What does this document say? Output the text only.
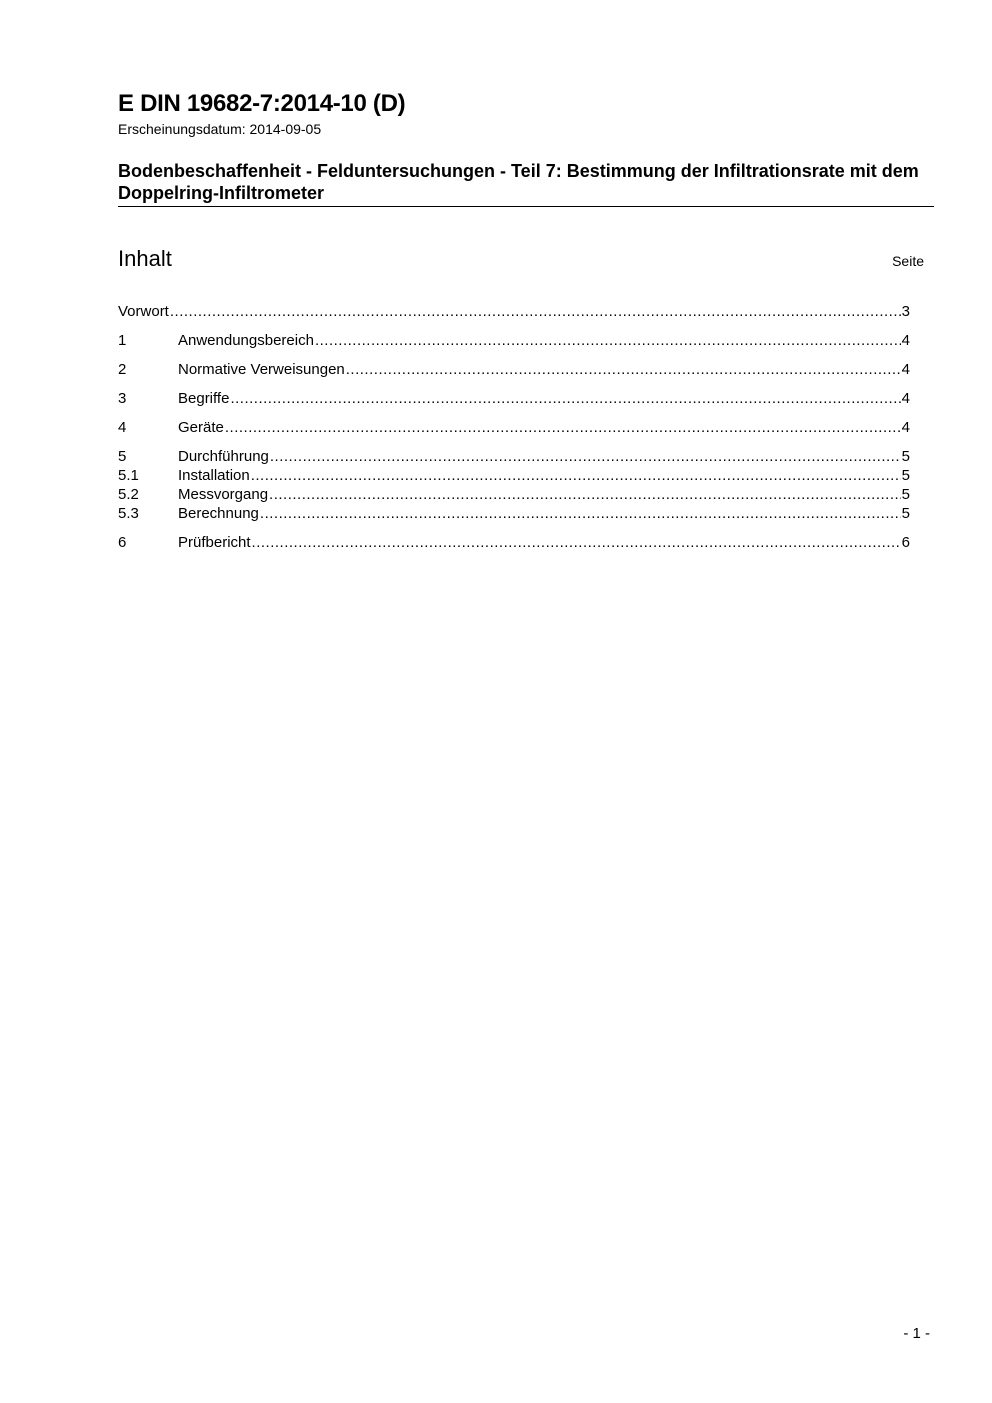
E DIN 19682-7:2014-10 (D)
Erscheinungsdatum: 2014-09-05
Bodenbeschaffenheit - Felduntersuchungen - Teil 7: Bestimmung der Infiltrationsrate mit dem Doppelring-Infiltrometer
Inhalt	Seite
Vorwort .....	3
1	Anwendungsbereich .....	4
2	Normative Verweisungen .....	4
3	Begriffe .....	4
4	Geräte .....	4
5	Durchführung .....	5
5.1	Installation .....	5
5.2	Messvorgang .....	5
5.3	Berechnung .....	5
6	Prüfbericht .....	6
- 1 -
